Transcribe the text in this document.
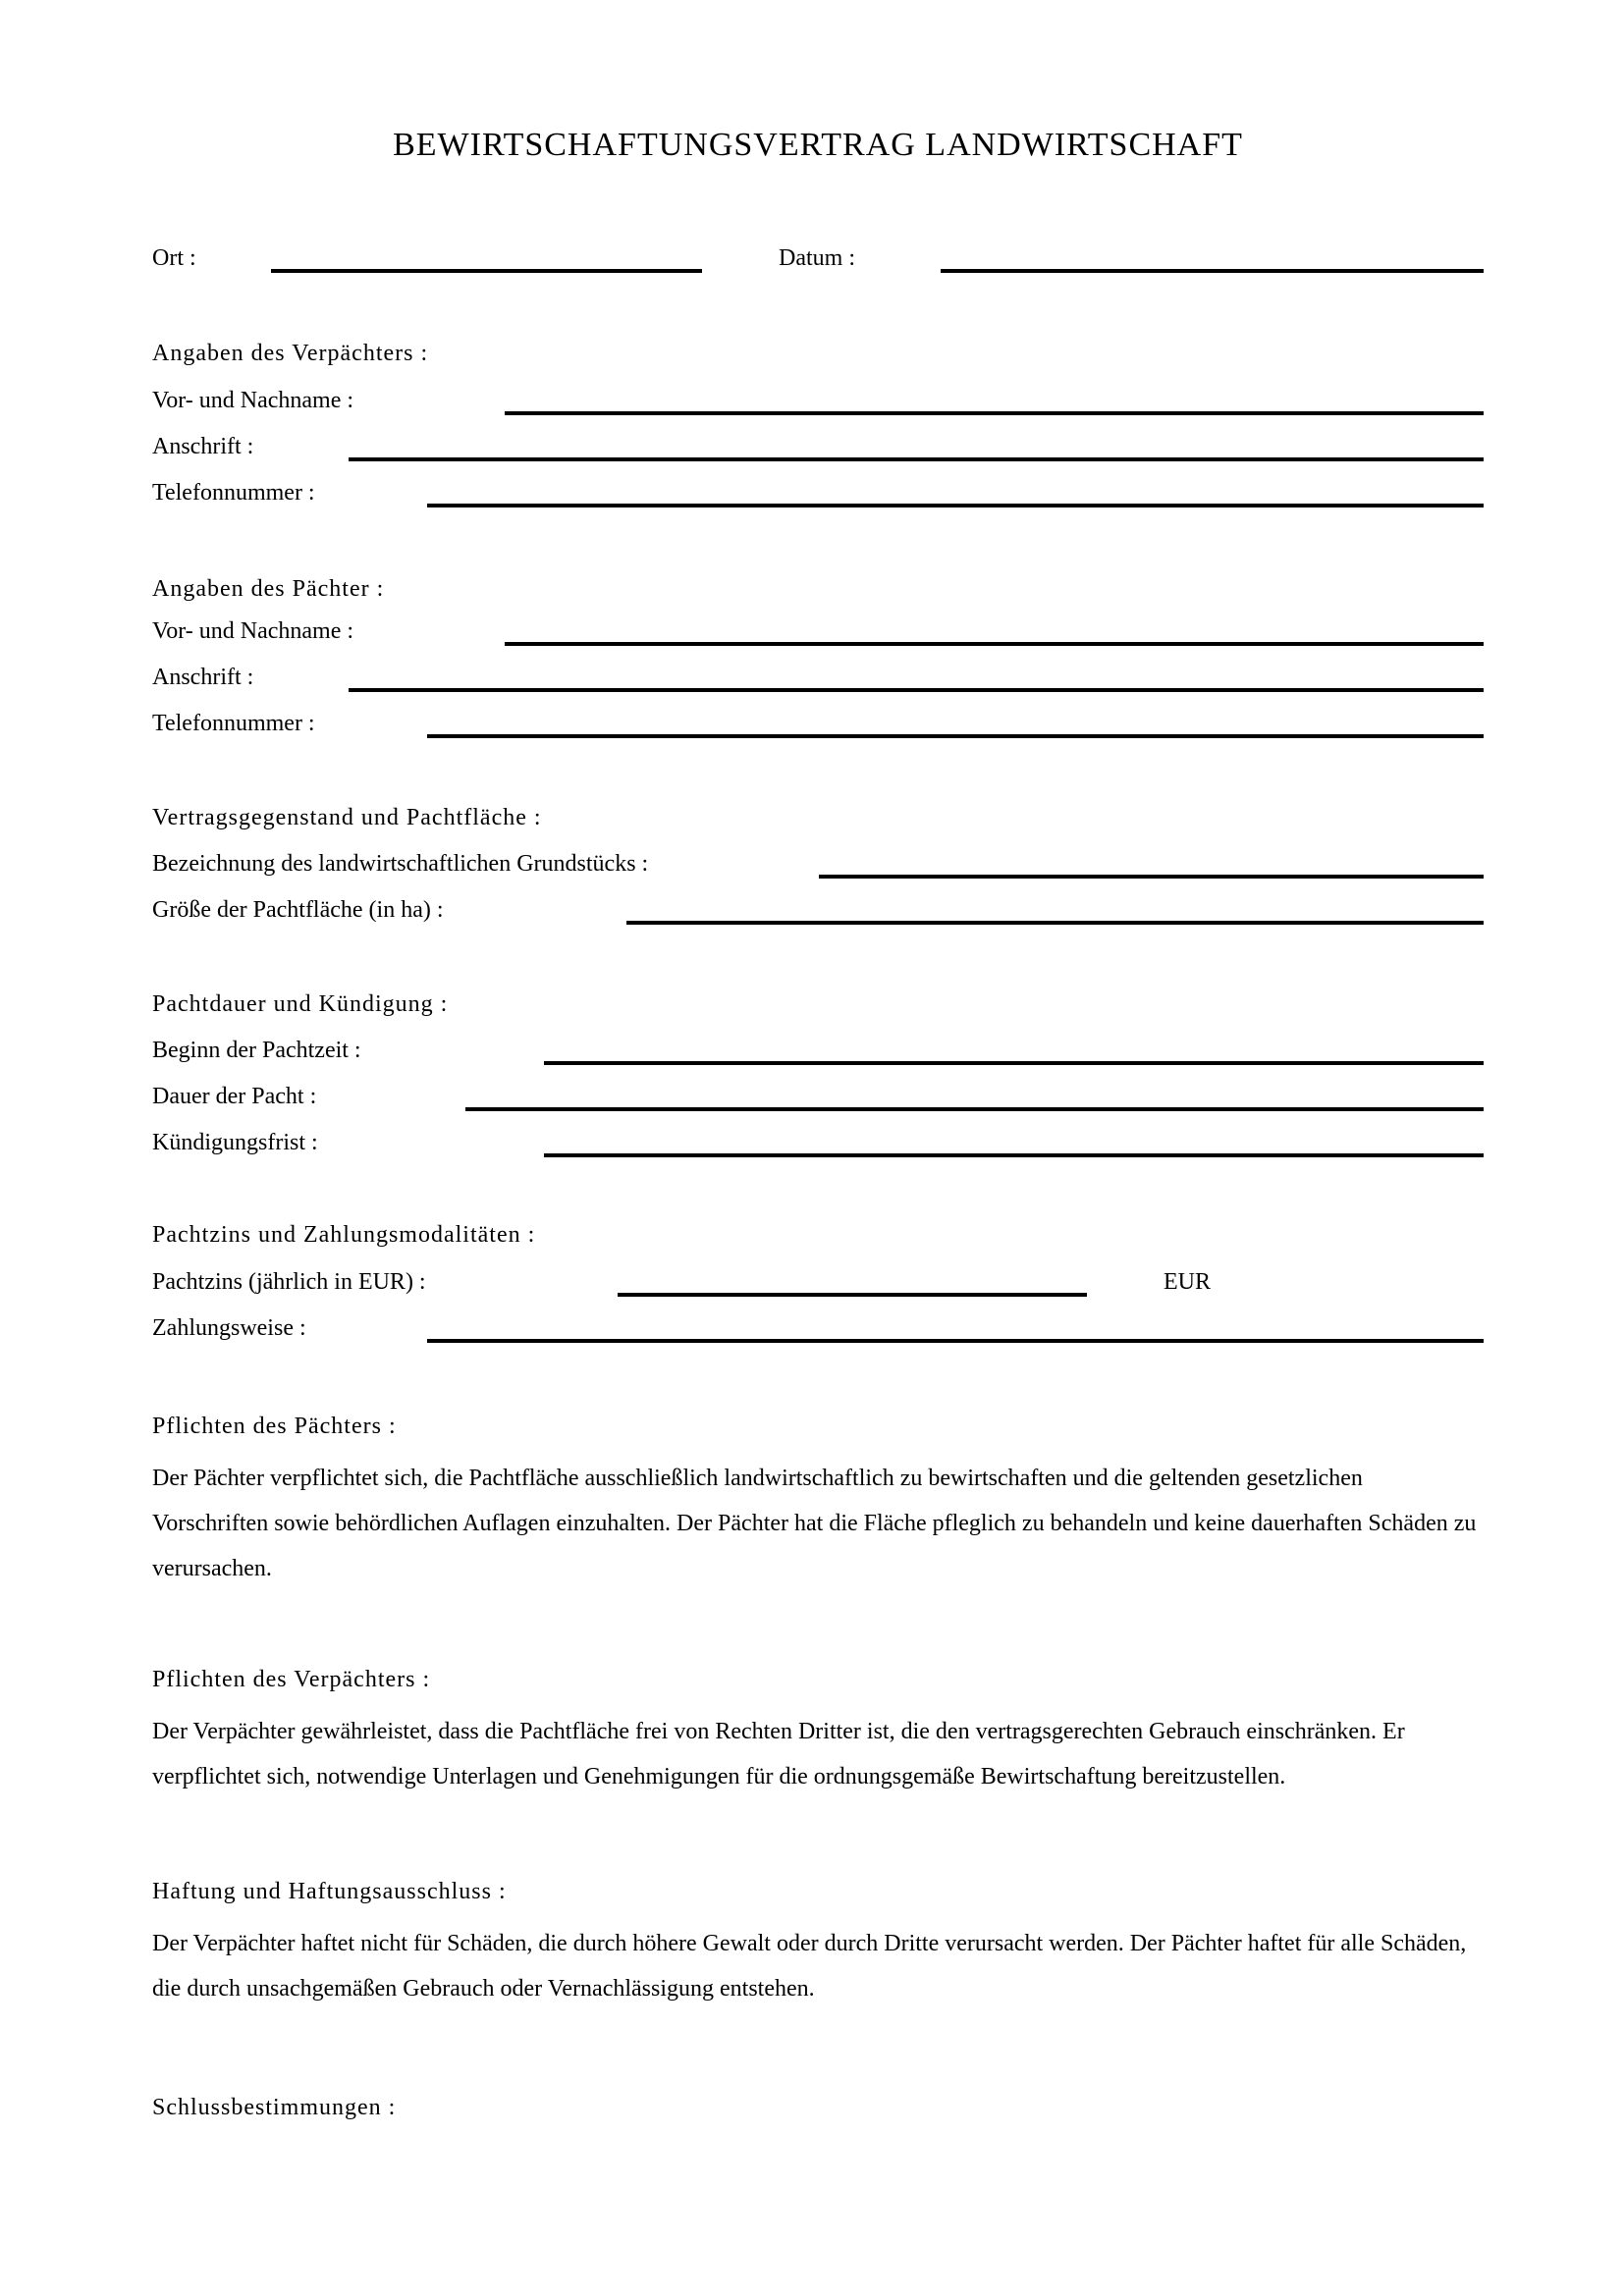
BEWIRTSCHAFTUNGSVERTRAG LANDWIRTSCHAFT
Ort :	Datum :
Angaben des Verpächters :
Vor- und Nachname :
Anschrift :
Telefonnummer :
Angaben des Pächter :
Vor- und Nachname :
Anschrift :
Telefonnummer :
Vertragsgegenstand und Pachtfläche :
Bezeichnung des landwirtschaftlichen Grundstücks :
Größe der Pachtfläche (in ha) :
Pachtdauer und Kündigung :
Beginn der Pachtzeit :
Dauer der Pacht :
Kündigungsfrist :
Pachtzins und Zahlungsmodalitäten :
Pachtzins (jährlich in EUR) :	EUR
Zahlungsweise :
Pflichten des Pächters :

Der Pächter verpflichtet sich, die Pachtfläche ausschließlich landwirtschaftlich zu bewirtschaften und die geltenden gesetzlichen Vorschriften sowie behördlichen Auflagen einzuhalten. Der Pächter hat die Fläche pfleglich zu behandeln und keine dauerhaften Schäden zu verursachen.

Pflichten des Verpächters :

Der Verpächter gewährleistet, dass die Pachtfläche frei von Rechten Dritter ist, die den vertragsgerechten Gebrauch einschränken. Er verpflichtet sich, notwendige Unterlagen und Genehmigungen für die ordnungsgemäße Bewirtschaftung bereitzustellen.

Haftung und Haftungsausschluss :

Der Verpächter haftet nicht für Schäden, die durch höhere Gewalt oder durch Dritte verursacht werden. Der Pächter haftet für alle Schäden, die durch unsachgemäßen Gebrauch oder Vernachlässigung entstehen.

Schlussbestimmungen :
